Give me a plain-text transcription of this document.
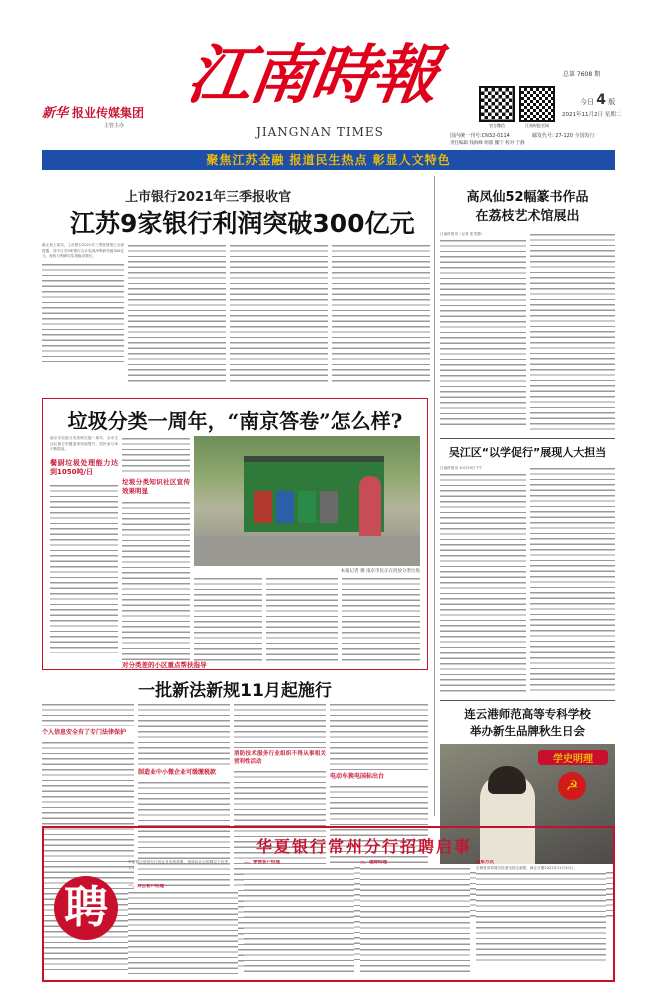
新华 报业传媒集团
主管主办
江南時報
JIANGNAN TIMES	官方微信	江南时报官网
总第 7608 期
今日 4 版
2021年11月2日 星期二
国内统一刊号:CN32-0114	邮发代号: 27-120 全国发行
责任编辑 钱海峰 组版 魏宁 校对 于静
聚焦江苏金融 报道民生热点 彰显人文特色
上市银行2021年三季报收官
江苏9家银行利润突破300亿元
截止到上周末，上市银行2021年三季度财报已全部披露，其中江苏9家银行合计实现净利润突破300亿元，营收与利润均实现稳步增长。
垃圾分类一周年，“南京答卷”怎么样?
南京市垃圾分类条例实施一周年，全市生活垃圾分类覆盖率持续提升，居民参与率不断提高。
餐厨垃圾处理能力达到1050吨/日
垃圾分类知识社区宣传效果明显
本报记者 摄 南京市民正在投放分类垃圾
对分类差的小区重点帮扶指导
一批新法新规11月起施行
个人信息安全有了专门法律保护
制造业中小微企业可缓缴税款
消防技术服务行业组织不得从事相关营利性活动
电动车换电国标出台
高凤仙52幅篆书作品
在荔枝艺术馆展出
江南时报讯（记者 张雪静）
吴江区“以学促行”展现人大担当
江南时报讯 10月29日下午
连云港师范高等专科学校
举办新生品牌秋生日会
☭
学史明理
聘
华夏银行常州分行招聘启事
华夏银行常州分行因业务发展需要，现面向社会招聘以下优秀人才：
一、对公客户经理
二、零售客户经理	三、理财经理	联系方式
应聘者请将简历投递至指定邮箱，截止日期2021年11月30日。
